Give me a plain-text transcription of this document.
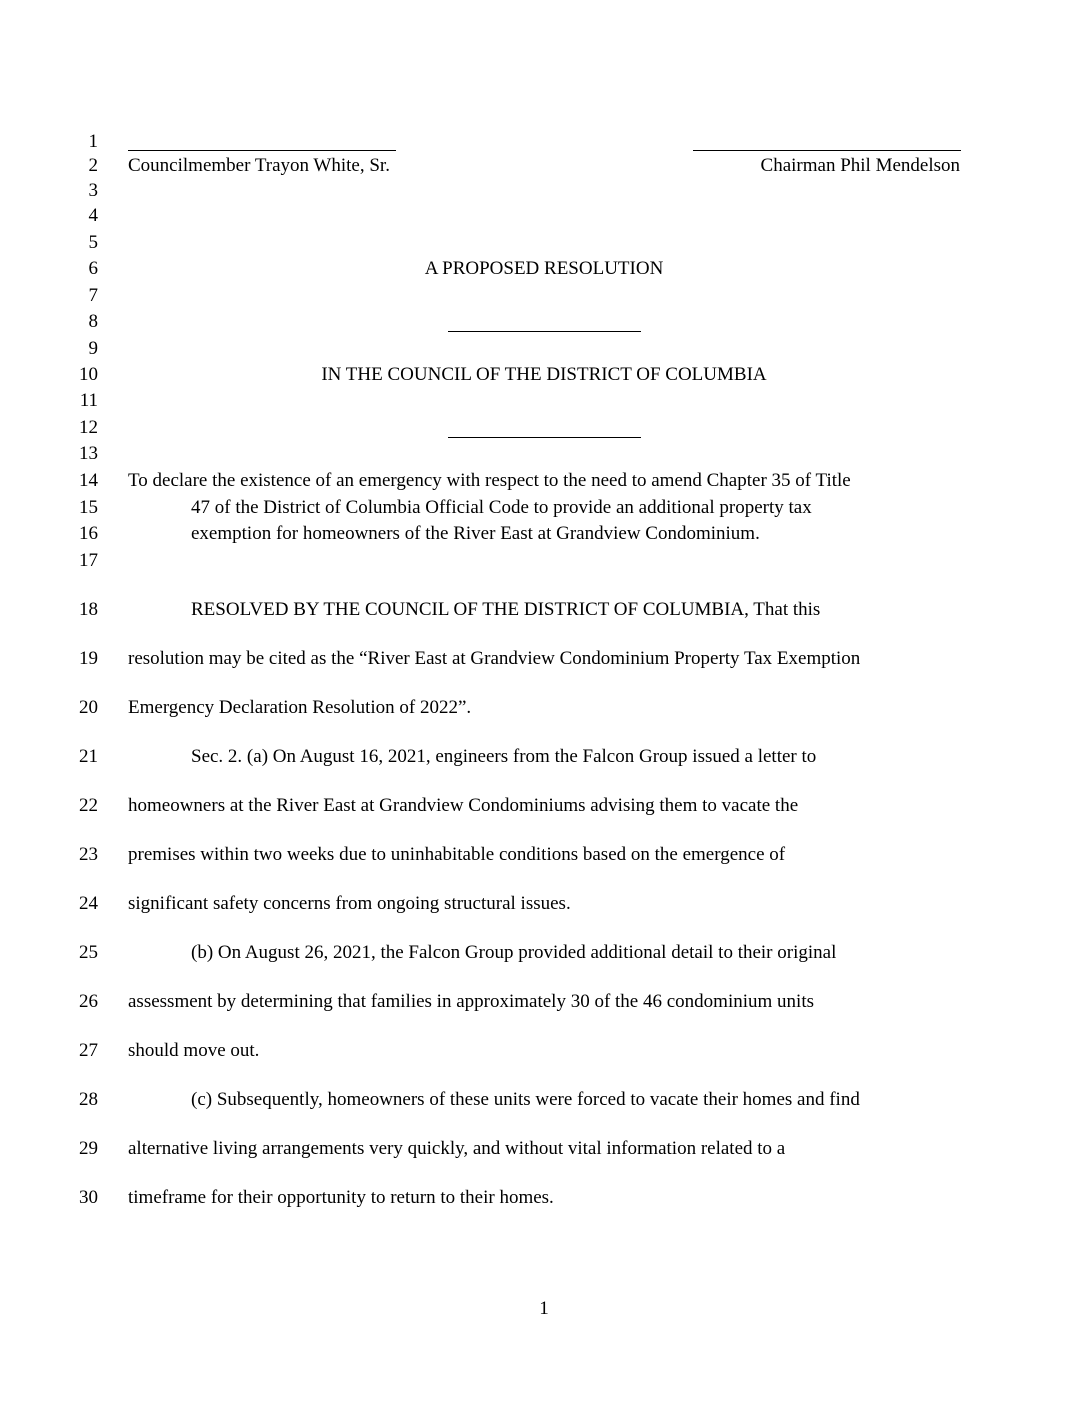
1
2
3
4
5
6
7
8
9
10
11
12
13
14
15
16
17
18
19
20
21
22
23
24
25
26
27
28
29
30
Councilmember Trayon White, Sr.	Chairman Phil Mendelson
A PROPOSED RESOLUTION
IN THE COUNCIL OF THE DISTRICT OF COLUMBIA
To declare the existence of an emergency with respect to the need to amend Chapter 35 of Title
47 of the District of Columbia Official Code to provide an additional property tax
exemption for homeowners of the River East at Grandview Condominium.
RESOLVED BY THE COUNCIL OF THE DISTRICT OF COLUMBIA, That this
resolution may be cited as the “River East at Grandview Condominium Property Tax Exemption
Emergency Declaration Resolution of 2022”.
Sec. 2. (a) On August 16, 2021, engineers from the Falcon Group issued a letter to
homeowners at the River East at Grandview Condominiums advising them to vacate the
premises within two weeks due to uninhabitable conditions based on the emergence of
significant safety concerns from ongoing structural issues.
(b) On August 26, 2021, the Falcon Group provided additional detail to their original
assessment by determining that families in approximately 30 of the 46 condominium units
should move out.
(c) Subsequently, homeowners of these units were forced to vacate their homes and find
alternative living arrangements very quickly, and without vital information related to a
timeframe for their opportunity to return to their homes.
1
